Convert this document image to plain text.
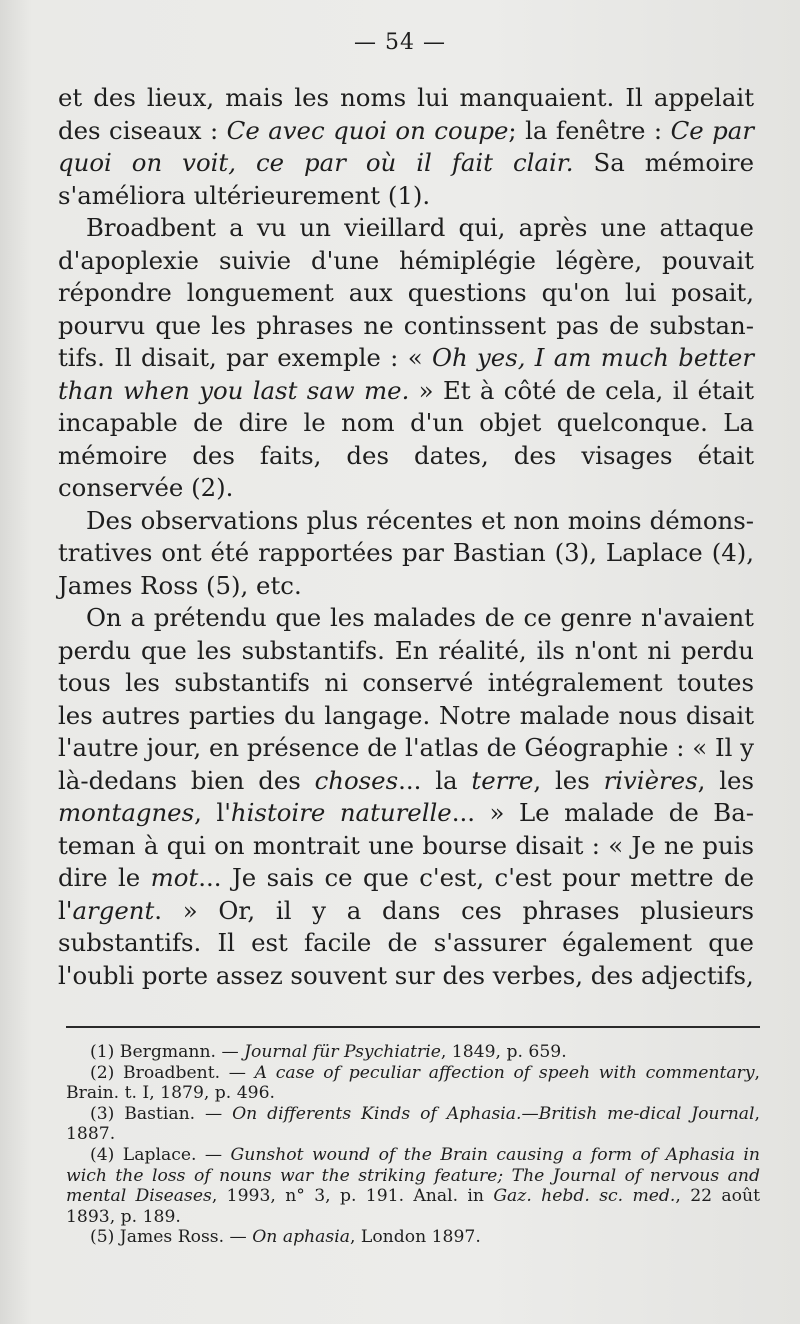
— 54 —

et des lieux, mais les noms lui manquaient. Il appelait des ciseaux : Ce avec quoi on coupe; la fenêtre : Ce par quoi on voit, ce par où il fait clair. Sa mémoire s'améliora ultérieurement (1).

Broadbent a vu un vieillard qui, après une attaque d'apoplexie suivie d'une hémiplégie légère, pouvait répondre longuement aux questions qu'on lui posait, pourvu que les phrases ne continssent pas de substan-tifs. Il disait, par exemple : « Oh yes, I am much better than when you last saw me. » Et à côté de cela, il était incapable de dire le nom d'un objet quelconque. La mémoire des faits, des dates, des visages était conservée (2).

Des observations plus récentes et non moins démons-tratives ont été rapportées par Bastian (3), Laplace (4), James Ross (5), etc.

On a prétendu que les malades de ce genre n'avaient perdu que les substantifs. En réalité, ils n'ont ni perdu tous les substantifs ni conservé intégralement toutes les autres parties du langage. Notre malade nous disait l'autre jour, en présence de l'atlas de Géographie : « Il y là-dedans bien des choses... la terre, les rivières, les montagnes, l'histoire naturelle... » Le malade de Ba-teman à qui on montrait une bourse disait : « Je ne puis dire le mot... Je sais ce que c'est, c'est pour mettre de l'argent. » Or, il y a dans ces phrases plusieurs substantifs. Il est facile de s'assurer également que l'oubli porte assez souvent sur des verbes, des adjectifs,

(1) Bergmann. — Journal für Psychiatrie, 1849, p. 659.

(2) Broadbent. — A case of peculiar affection of speeh with commentary, Brain. t. I, 1879, p. 496.

(3) Bastian. — On differents Kinds of Aphasia.—British me-dical Journal, 1887.

(4) Laplace. — Gunshot wound of the Brain causing a form of Aphasia in wich the loss of nouns war the striking feature; The Journal of nervous and mental Diseases, 1993, n° 3, p. 191. Anal. in Gaz. hebd. sc. med., 22 août 1893, p. 189.

(5) James Ross. — On aphasia, London 1897.
